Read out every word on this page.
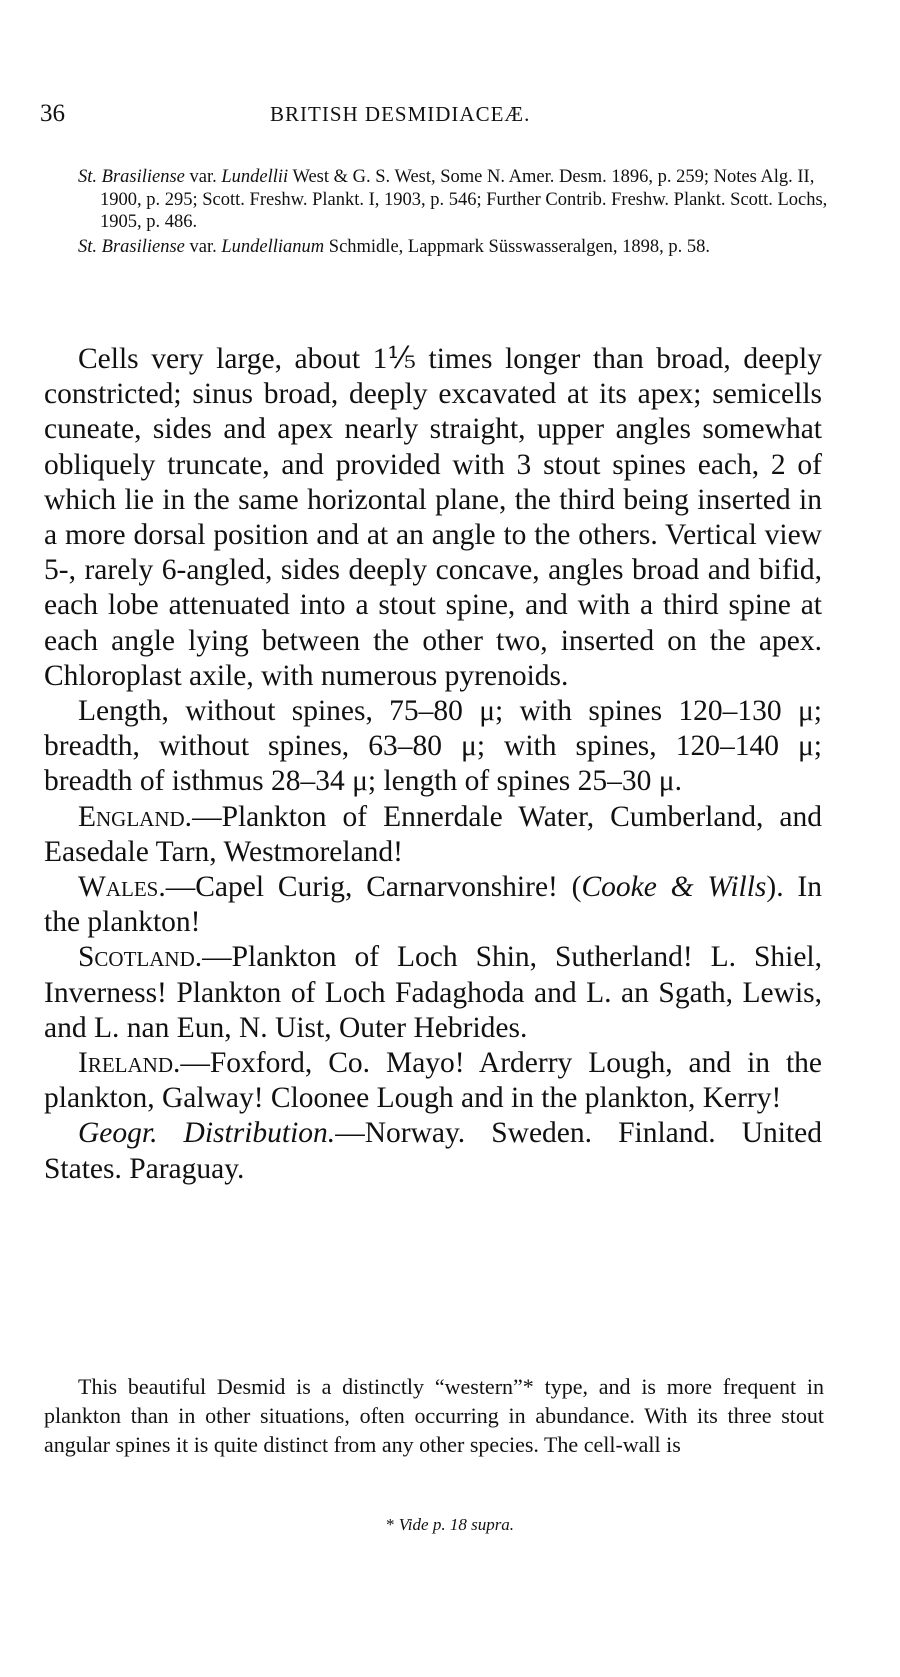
36	BRITISH DESMIDIACEÆ.

St. Brasiliense var. Lundellii West & G. S. West, Some N. Amer. Desm. 1896, p. 259; Notes Alg. II, 1900, p. 295; Scott. Freshw. Plankt. I, 1903, p. 546; Further Contrib. Freshw. Plankt. Scott. Lochs, 1905, p. 486.

St. Brasiliense var. Lundellianum Schmidle, Lappmark Süsswasseralgen, 1898, p. 58.

Cells very large, about 1⅕ times longer than broad, deeply constricted; sinus broad, deeply excavated at its apex; semicells cuneate, sides and apex nearly straight, upper angles somewhat obliquely truncate, and provided with 3 stout spines each, 2 of which lie in the same horizontal plane, the third being inserted in a more dorsal position and at an angle to the others. Vertical view 5-, rarely 6-angled, sides deeply concave, angles broad and bifid, each lobe attenuated into a stout spine, and with a third spine at each angle lying between the other two, inserted on the apex. Chloroplast axile, with numerous pyrenoids.

Length, without spines, 75–80 μ; with spines 120–130 μ; breadth, without spines, 63–80 μ; with spines, 120–140 μ; breadth of isthmus 28–34 μ; length of spines 25–30 μ.

England.—Plankton of Ennerdale Water, Cumberland, and Easedale Tarn, Westmoreland!

Wales.—Capel Curig, Carnarvonshire! (Cooke & Wills). In the plankton!

Scotland.—Plankton of Loch Shin, Sutherland! L. Shiel, Inverness! Plankton of Loch Fadaghoda and L. an Sgath, Lewis, and L. nan Eun, N. Uist, Outer Hebrides.

Ireland.—Foxford, Co. Mayo! Arderry Lough, and in the plankton, Galway! Cloonee Lough and in the plankton, Kerry!

Geogr. Distribution.—Norway. Sweden. Finland. United States. Paraguay.

This beautiful Desmid is a distinctly “western”* type, and is more frequent in plankton than in other situations, often occurring in abundance. With its three stout angular spines it is quite distinct from any other species. The cell-wall is

* Vide p. 18 supra.
